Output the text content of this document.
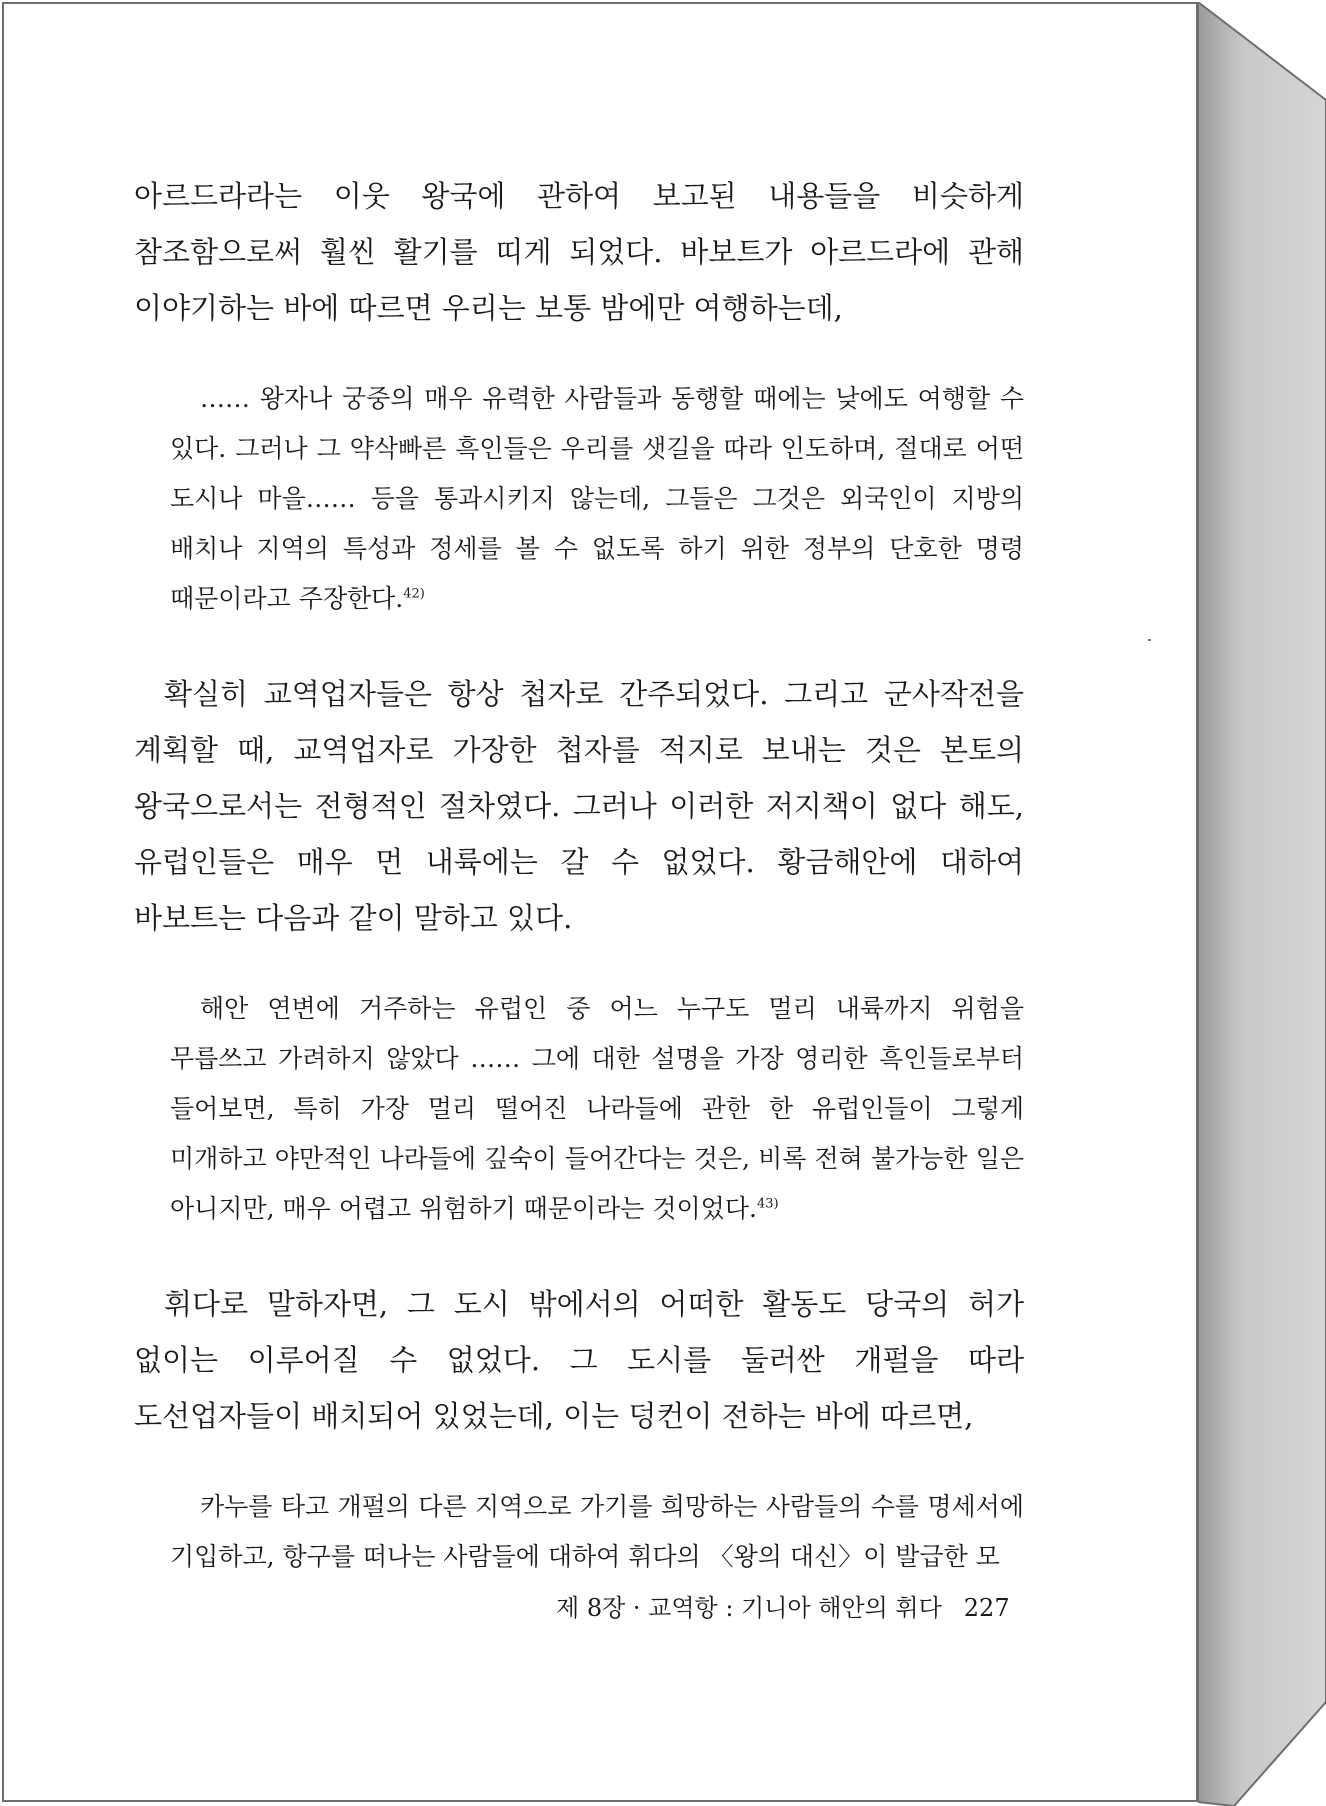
아르드라라는 이웃 왕국에 관하여 보고된 내용들을 비슷하게 참조함으로써 훨씬 활기를 띠게 되었다. 바보트가 아르드라에 관해 이야기하는 바에 따르면 우리는 보통 밤에만 여행하는데,

…… 왕자나 궁중의 매우 유력한 사람들과 동행할 때에는 낮에도 여행할 수 있다. 그러나 그 약삭빠른 흑인들은 우리를 샛길을 따라 인도하며, 절대로 어떤 도시나 마을…… 등을 통과시키지 않는데, 그들은 그것은 외국인이 지방의 배치나 지역의 특성과 정세를 볼 수 없도록 하기 위한 정부의 단호한 명령 때문이라고 주장한다.$^{42)}$

확실히 교역업자들은 항상 첩자로 간주되었다. 그리고 군사작전을 계획할 때, 교역업자로 가장한 첩자를 적지로 보내는 것은 본토의 왕국으로서는 전형적인 절차였다. 그러나 이러한 저지책이 없다 해도, 유럽인들은 매우 먼 내륙에는 갈 수 없었다. 황금해안에 대하여 바보트는 다음과 같이 말하고 있다.

해안 연변에 거주하는 유럽인 중 어느 누구도 멀리 내륙까지 위험을 무릅쓰고 가려하지 않았다 …… 그에 대한 설명을 가장 영리한 흑인들로부터 들어보면, 특히 가장 멀리 떨어진 나라들에 관한 한 유럽인들이 그렇게 미개하고 야만적인 나라들에 깊숙이 들어간다는 것은, 비록 전혀 불가능한 일은 아니지만, 매우 어렵고 위험하기 때문이라는 것이었다.$^{43)}$

휘다로 말하자면, 그 도시 밖에서의 어떠한 활동도 당국의 허가 없이는 이루어질 수 없었다. 그 도시를 둘러싼 개펄을 따라 도선업자들이 배치되어 있었는데, 이는 덩컨이 전하는 바에 따르면,

카누를 타고 개펄의 다른 지역으로 가기를 희망하는 사람들의 수를 명세서에 기입하고, 항구를 떠나는 사람들에 대하여 휘다의 〈왕의 대신〉이 발급한 모

제 8장 · 교역항 : 기니아 해안의 휘다 227
